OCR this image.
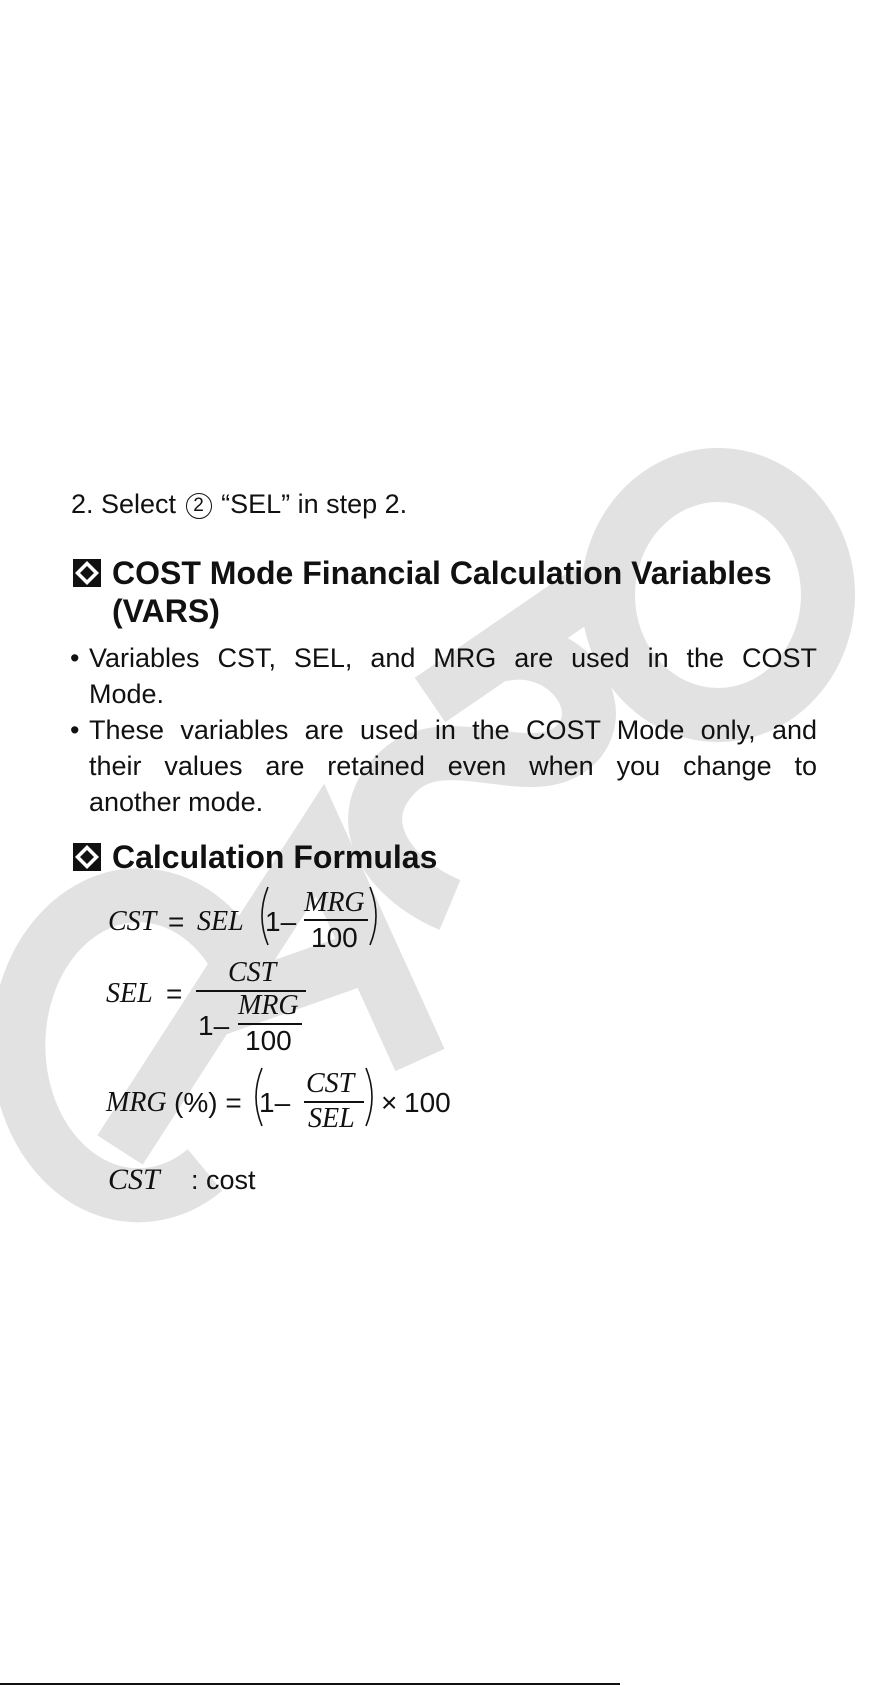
2. Select 2 “SEL” in step 2.
COST Mode Financial Calculation Variables
(VARS)
• Variables CST, SEL, and MRG are used in the COST
Mode.
• These variables are used in the COST Mode only, and
their values are retained even when you change to
another mode.
Calculation Formulas
CST = SEL 1–
MRG
100
SEL =
CST
1–
MRG
100
MRG (%) = 1–
CST
SEL
× 100
CST : cost
